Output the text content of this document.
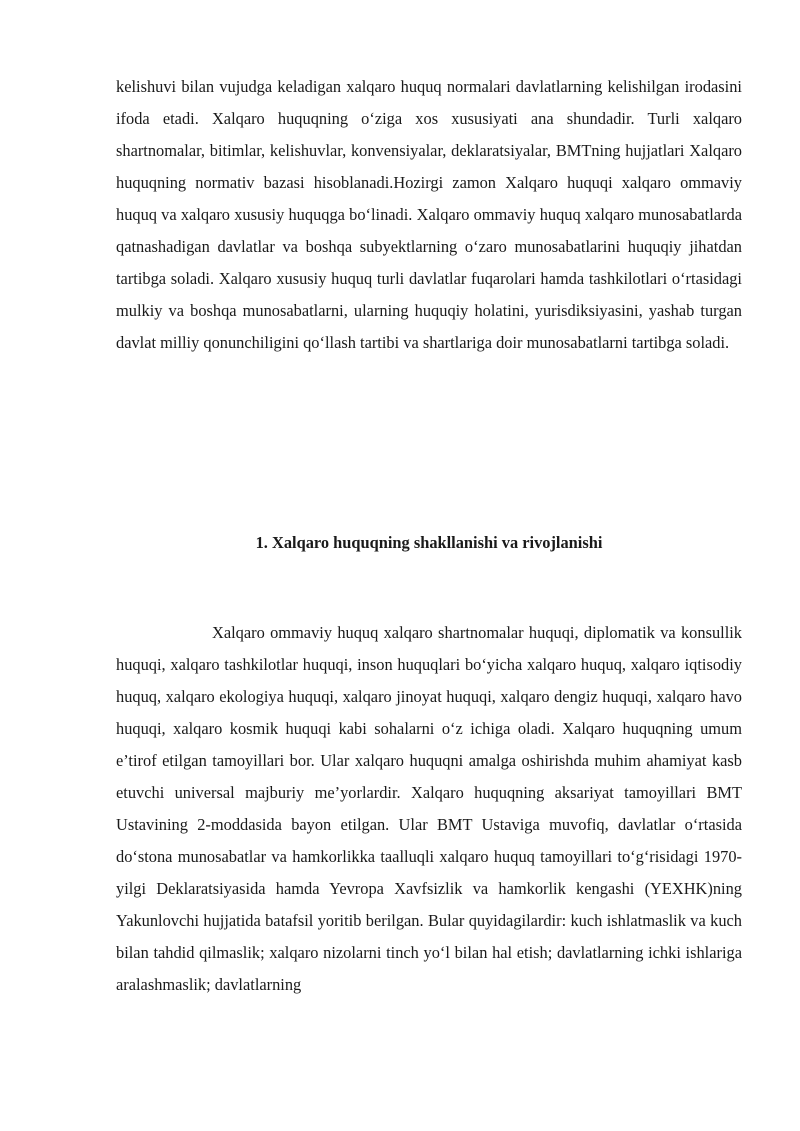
kelishuvi bilan vujudga keladigan xalqaro huquq normalari davlatlarning kelishilgan irodasini ifoda etadi. Xalqaro huquqning o‘ziga xos xususiyati ana shundadir. Turli xalqaro shartnomalar, bitimlar, kelishuvlar, konvensiyalar, deklaratsiyalar, BMTning hujjatlari Xalqaro huquqning normativ bazasi hisoblanadi.Hozirgi zamon Xalqaro huquqi xalqaro ommaviy huquq va xalqaro xususiy huquqga bo‘linadi. Xalqaro ommaviy huquq xalqaro munosabatlarda qatnashadigan davlatlar va boshqa subyektlarning o‘zaro munosabatlarini huquqiy jihatdan tartibga soladi. Xalqaro xususiy huquq turli davlatlar fuqarolari hamda tashkilotlari o‘rtasidagi mulkiy va boshqa munosabatlarni, ularning huquqiy holatini, yurisdiksiyasini, yashab turgan davlat milliy qonunchiligini qo‘llash tartibi va shartlariga doir munosabatlarni tartibga soladi.

1. Xalqaro huquqning shakllanishi va rivojlanishi

Xalqaro ommaviy huquq xalqaro shartnomalar huquqi, diplomatik va konsullik huquqi, xalqaro tashkilotlar huquqi, inson huquqlari bo‘yicha xalqaro huquq, xalqaro iqtisodiy huquq, xalqaro ekologiya huquqi, xalqaro jinoyat huquqi, xalqaro dengiz huquqi, xalqaro havo huquqi, xalqaro kosmik huquqi kabi sohalarni o‘z ichiga oladi. Xalqaro huquqning umum e’tirof etilgan tamoyillari bor. Ular xalqaro huquqni amalga oshirishda muhim ahamiyat kasb etuvchi universal majburiy me’yorlardir. Xalqaro huquqning aksariyat tamoyillari BMT Ustavining 2-moddasida bayon etilgan. Ular BMT Ustaviga muvofiq, davlatlar o‘rtasida do‘stona munosabatlar va hamkorlikka taalluqli xalqaro huquq tamoyillari to‘g‘risidagi 1970-yilgi Deklaratsiyasida hamda Yevropa Xavfsizlik va hamkorlik kengashi (YEXHK)ning Yakunlovchi hujjatida batafsil yoritib berilgan. Bular quyidagilardir: kuch ishlatmaslik va kuch bilan tahdid qilmaslik; xalqaro nizolarni tinch yo‘l bilan hal etish; davlatlarning ichki ishlariga aralashmaslik; davlatlarning
